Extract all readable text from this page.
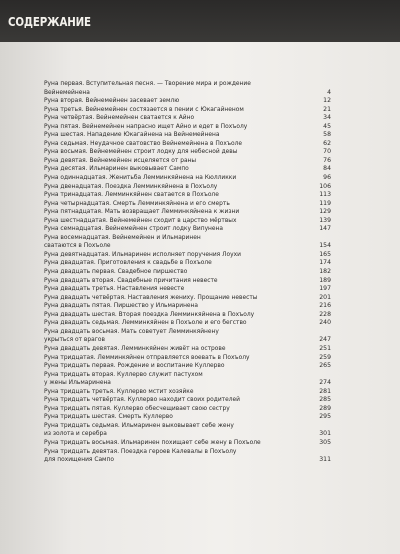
СОДЕРЖАНИЕ
Руна первая. Вступительная песня. — Творение мира и рождение
Вейнемейнена	4
Руна вторая. Вейнемейнен засевает землю	12
Руна третья. Вейнемейнен состязается в пении с Юкагайненом	21
Руна четвёртая. Вейнемейнен сватается к Айно	34
Руна пятая. Вейнемейнен напрасно ищет Айно и едет в Похъолу	45
Руна шестая. Нападение Юкагайнена на Вейнемейнена	58
Руна седьмая. Неудачное сватовство Вейнемейнена в Похъоле	62
Руна восьмая. Вейнемейнен строит лодку для небесной девы	70
Руна девятая. Вейнемейнен исцеляется от раны	76
Руна десятая. Ильмаринен выковывает Сампо	84
Руна одиннадцатая. Женитьба Лемминкяйнена на Кюлликки	96
Руна двенадцатая. Поездка Лемминкяйнена в Похъолу	106
Руна тринадцатая. Лемминкяйнен сватается в Похъоле	113
Руна четырнадцатая. Смерть Лемминкяйнена и его смерть	119
Руна пятнадцатая. Мать возвращает Лемминкяйнена к жизни	129
Руна шестнадцатая. Вейнемейнен сходит в царство мёртвых	139
Руна семнадцатая. Вейнемейнен строит лодку Випунена	147
Руна восемнадцатая. Вейнемейнен и Ильмаринен
сватаются в Похъоле	154
Руна девятнадцатая. Ильмаринен исполняет поручения Лоухи	165
Руна двадцатая. Приготовления к свадьбе в Похъоле	174
Руна двадцать первая. Свадебное пиршество	182
Руна двадцать вторая. Свадебные причитания невесте	189
Руна двадцать третья. Наставления невесте	197
Руна двадцать четвёртая. Наставления жениху. Прощание невесты	201
Руна двадцать пятая. Пиршество у Ильмаринена	216
Руна двадцать шестая. Вторая поездка Лемминкяйнена в Похъолу	228
Руна двадцать седьмая. Лемминкяйнен в Похъоле и его бегство	240
Руна двадцать восьмая. Мать советует Лемминкяйнену
укрыться от врагов	247
Руна двадцать девятая. Лемминкяйнен живёт на острове	251
Руна тридцатая. Лемминкяйнен отправляется воевать в Похъолу	259
Руна тридцать первая. Рождение и воспитание Куллерво	265
Руна тридцать вторая. Куллерво служит пастухом
у жены Ильмаринена	274
Руна тридцать третья. Куллерво мстит хозяйке	281
Руна тридцать четвёртая. Куллерво находит своих родителей	285
Руна тридцать пятая. Куллерво обесчещивает свою сестру	289
Руна тридцать шестая. Смерть Куллерво	295
Руна тридцать седьмая. Ильмаринен выковывает себе жену
из золота и серебра	301
Руна тридцать восьмая. Ильмаринен похищает себе жену в Похъоле	305
Руна тридцать девятая. Поездка героев Калевалы в Похъолу
для похищения Сампо	311
